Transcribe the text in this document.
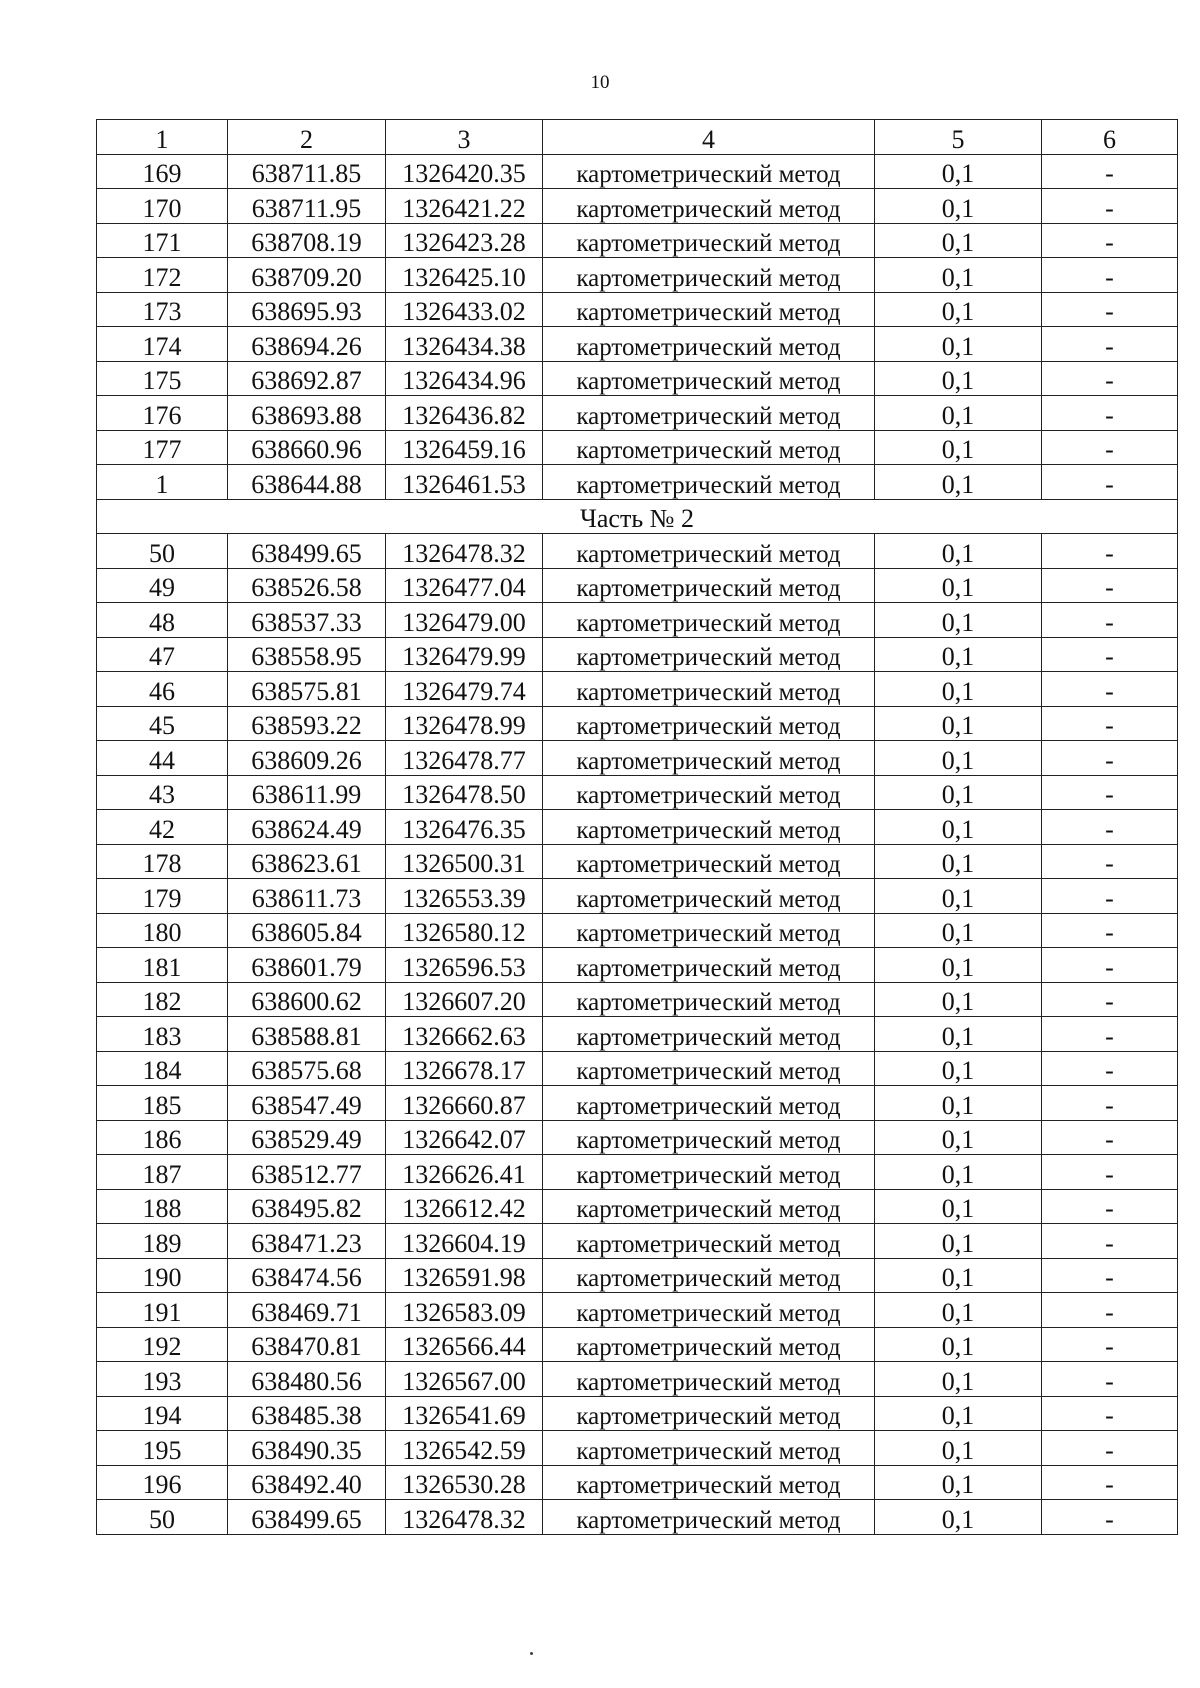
10
1	2	3	4	5	6
169	638711.85	1326420.35	картометрический метод	0,1	-
170	638711.95	1326421.22	картометрический метод	0,1	-
171	638708.19	1326423.28	картометрический метод	0,1	-
172	638709.20	1326425.10	картометрический метод	0,1	-
173	638695.93	1326433.02	картометрический метод	0,1	-
174	638694.26	1326434.38	картометрический метод	0,1	-
175	638692.87	1326434.96	картометрический метод	0,1	-
176	638693.88	1326436.82	картометрический метод	0,1	-
177	638660.96	1326459.16	картометрический метод	0,1	-
1	638644.88	1326461.53	картометрический метод	0,1	-
Часть № 2					
50	638499.65	1326478.32	картометрический метод	0,1	-
49	638526.58	1326477.04	картометрический метод	0,1	-
48	638537.33	1326479.00	картометрический метод	0,1	-
47	638558.95	1326479.99	картометрический метод	0,1	-
46	638575.81	1326479.74	картометрический метод	0,1	-
45	638593.22	1326478.99	картометрический метод	0,1	-
44	638609.26	1326478.77	картометрический метод	0,1	-
43	638611.99	1326478.50	картометрический метод	0,1	-
42	638624.49	1326476.35	картометрический метод	0,1	-
178	638623.61	1326500.31	картометрический метод	0,1	-
179	638611.73	1326553.39	картометрический метод	0,1	-
180	638605.84	1326580.12	картометрический метод	0,1	-
181	638601.79	1326596.53	картометрический метод	0,1	-
182	638600.62	1326607.20	картометрический метод	0,1	-
183	638588.81	1326662.63	картометрический метод	0,1	-
184	638575.68	1326678.17	картометрический метод	0,1	-
185	638547.49	1326660.87	картометрический метод	0,1	-
186	638529.49	1326642.07	картометрический метод	0,1	-
187	638512.77	1326626.41	картометрический метод	0,1	-
188	638495.82	1326612.42	картометрический метод	0,1	-
189	638471.23	1326604.19	картометрический метод	0,1	-
190	638474.56	1326591.98	картометрический метод	0,1	-
191	638469.71	1326583.09	картометрический метод	0,1	-
192	638470.81	1326566.44	картометрический метод	0,1	-
193	638480.56	1326567.00	картометрический метод	0,1	-
194	638485.38	1326541.69	картометрический метод	0,1	-
195	638490.35	1326542.59	картометрический метод	0,1	-
196	638492.40	1326530.28	картометрический метод	0,1	-
50	638499.65	1326478.32	картометрический метод	0,1	-
